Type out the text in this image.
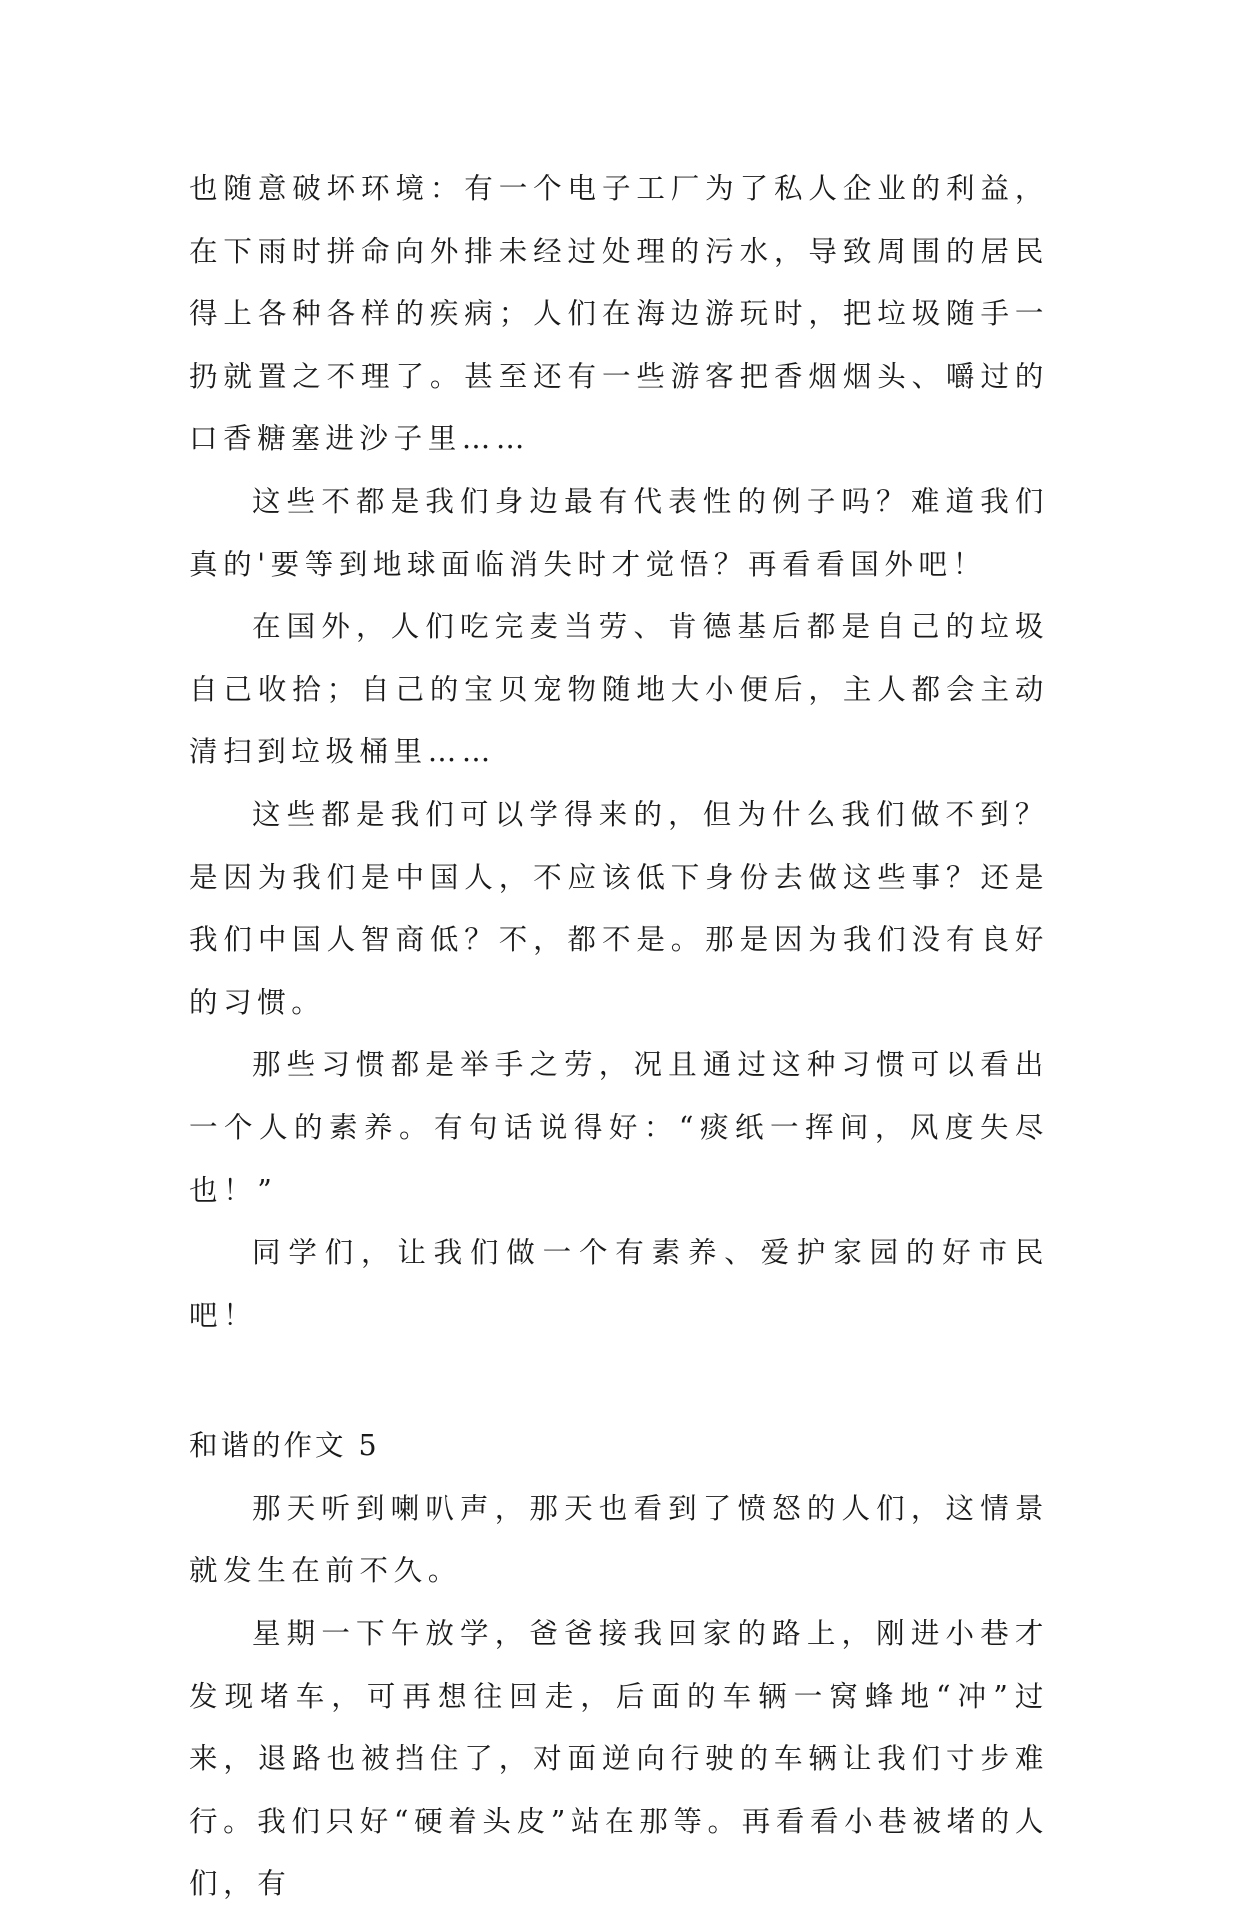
也随意破坏环境：有一个电子工厂为了私人企业的利益，在下雨时拼命向外排未经过处理的污水，导致周围的居民得上各种各样的疾病；人们在海边游玩时，把垃圾随手一扔就置之不理了。甚至还有一些游客把香烟烟头、嚼过的口香糖塞进沙子里……

这些不都是我们身边最有代表性的例子吗？难道我们真的'要等到地球面临消失时才觉悟？再看看国外吧！

在国外，人们吃完麦当劳、肯德基后都是自己的垃圾自己收拾；自己的宝贝宠物随地大小便后，主人都会主动清扫到垃圾桶里……

这些都是我们可以学得来的，但为什么我们做不到？是因为我们是中国人，不应该低下身份去做这些事？还是我们中国人智商低？不，都不是。那是因为我们没有良好的习惯。

那些习惯都是举手之劳，况且通过这种习惯可以看出一个人的素养。有句话说得好：“痰纸一挥间，风度失尽也！”

同学们，让我们做一个有素养、爱护家园的好市民吧！

和谐的作文 5

那天听到喇叭声，那天也看到了愤怒的人们，这情景就发生在前不久。

星期一下午放学，爸爸接我回家的路上，刚进小巷才发现堵车，可再想往回走，后面的车辆一窝蜂地“冲”过来，退路也被挡住了，对面逆向行驶的车辆让我们寸步难行。我们只好“硬着头皮”站在那等。再看看小巷被堵的人们，有
